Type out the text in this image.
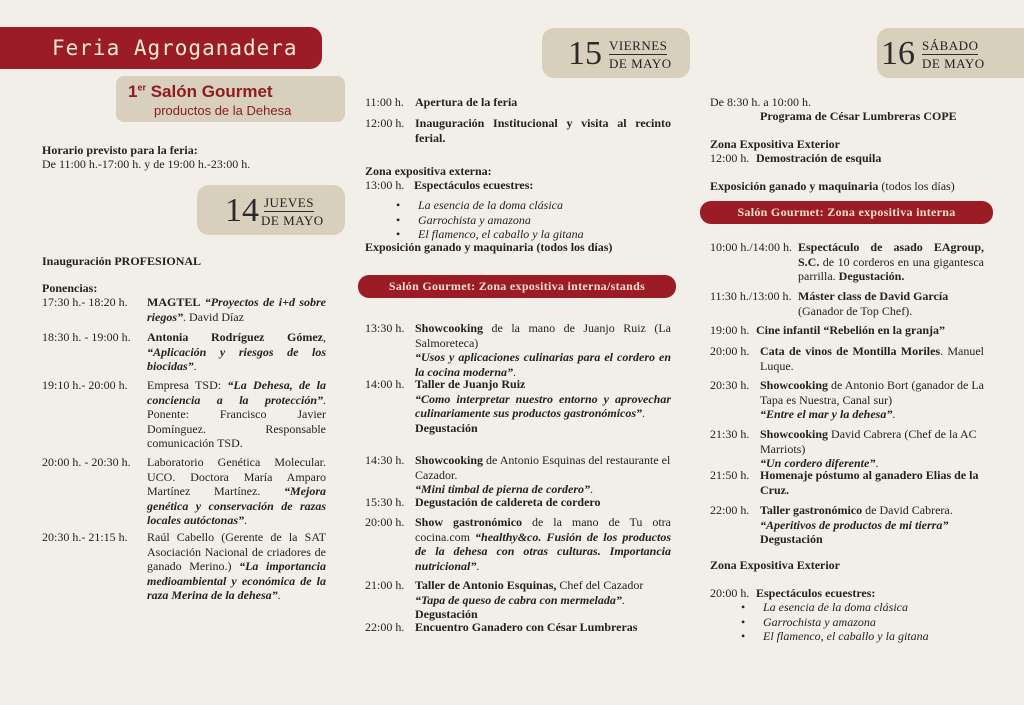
Feria Agroganadera
1er Salón Gourmet
productos de la Dehesa
Horario previsto para la feria:
De 11:00 h.-17:00 h. y de 19:00 h.-23:00 h.
14 JUEVES
DE MAYO
15 VIERNES
DE MAYO	16 SÁBADO
DE MAYO
Inauguración PROFESIONAL
Ponencias:
17:30 h.- 18:20 h.	MAGTEL “Proyectos de i+d sobre riegos”. David Díaz
18:30 h. - 19:00 h.	Antonia Rodríguez Gómez, “Aplicación y riesgos de los biocidas”.
19:10 h.- 20:00 h.	Empresa TSD: “La Dehesa, de la conciencia a la protección”. Ponente: Francisco Javier Domínguez. Responsable comunicación TSD.
20:00 h. - 20:30 h.	Laboratorio Genética Molecular. UCO. Doctora María Amparo Martínez Martínez. “Mejora genética y conservación de razas locales autóctonas”.
20:30 h.- 21:15 h.	Raúl Cabello (Gerente de la SAT Asociación Nacional de criadores de ganado Merino.) “La importancia medioambiental y económica de la raza Merina de la dehesa”.
11:00 h. Apertura de la feria
12:00 h. Inauguración Institucional y visita al recinto ferial.
Zona expositiva externa:
13:00 h. Espectáculos ecuestres:
• La esencia de la doma clásica
• Garrochista y amazona
• El flamenco, el caballo y la gitana
Exposición ganado y maquinaria (todos los días)
Salón Gourmet: Zona expositiva interna/stands
13:30 h. Showcooking de la mano de Juanjo Ruiz (La Salmoreteca)
“Usos y aplicaciones culinarias para el cordero en la cocina moderna”.
14:00 h. Taller de Juanjo Ruiz
“Como interpretar nuestro entorno y aprovechar culinariamente sus productos gastronómicos”.
Degustación
14:30 h. Showcooking de Antonio Esquinas del restaurante el Cazador.
“Mini timbal de pierna de cordero”.
15:30 h. Degustación de caldereta de cordero
20:00 h. Show gastronómico de la mano de Tu otra cocina.com “healthy&co. Fusión de los productos de la dehesa con otras culturas. Importancia nutricional”.
21:00 h. Taller de Antonio Esquinas, Chef del Cazador
“Tapa de queso de cabra con mermelada”.
Degustación
22:00 h. Encuentro Ganadero con César Lumbreras
De 8:30 h. a 10:00 h.
Programa de César Lumbreras COPE
Zona Expositiva Exterior
12:00 h. Demostración de esquila
Exposición ganado y maquinaria (todos los días)
Salón Gourmet: Zona expositiva interna
10:00 h./14:00 h. Espectáculo de asado EAgroup, S.C. de 10 corderos en una gigantesca parrilla. Degustación.
11:30 h./13:00 h. Máster class de David García
(Ganador de Top Chef).
19:00 h. Cine infantil “Rebelión en la granja”
20:00 h. Cata de vinos de Montilla Moriles. Manuel Luque.
20:30 h. Showcooking de Antonio Bort (ganador de La Tapa es Nuestra, Canal sur)
“Entre el mar y la dehesa”.
21:30 h. Showcooking David Cabrera (Chef de la AC Marriots)
“Un cordero diferente”.
21:50 h. Homenaje póstumo al ganadero Elias de la Cruz.
22:00 h. Taller gastronómico de David Cabrera.
“Aperitivos de productos de mi tierra”
Degustación
Zona Expositiva Exterior
20:00 h. Espectáculos ecuestres:
• La esencia de la doma clásica
• Garrochista y amazona
• El flamenco, el caballo y la gitana
